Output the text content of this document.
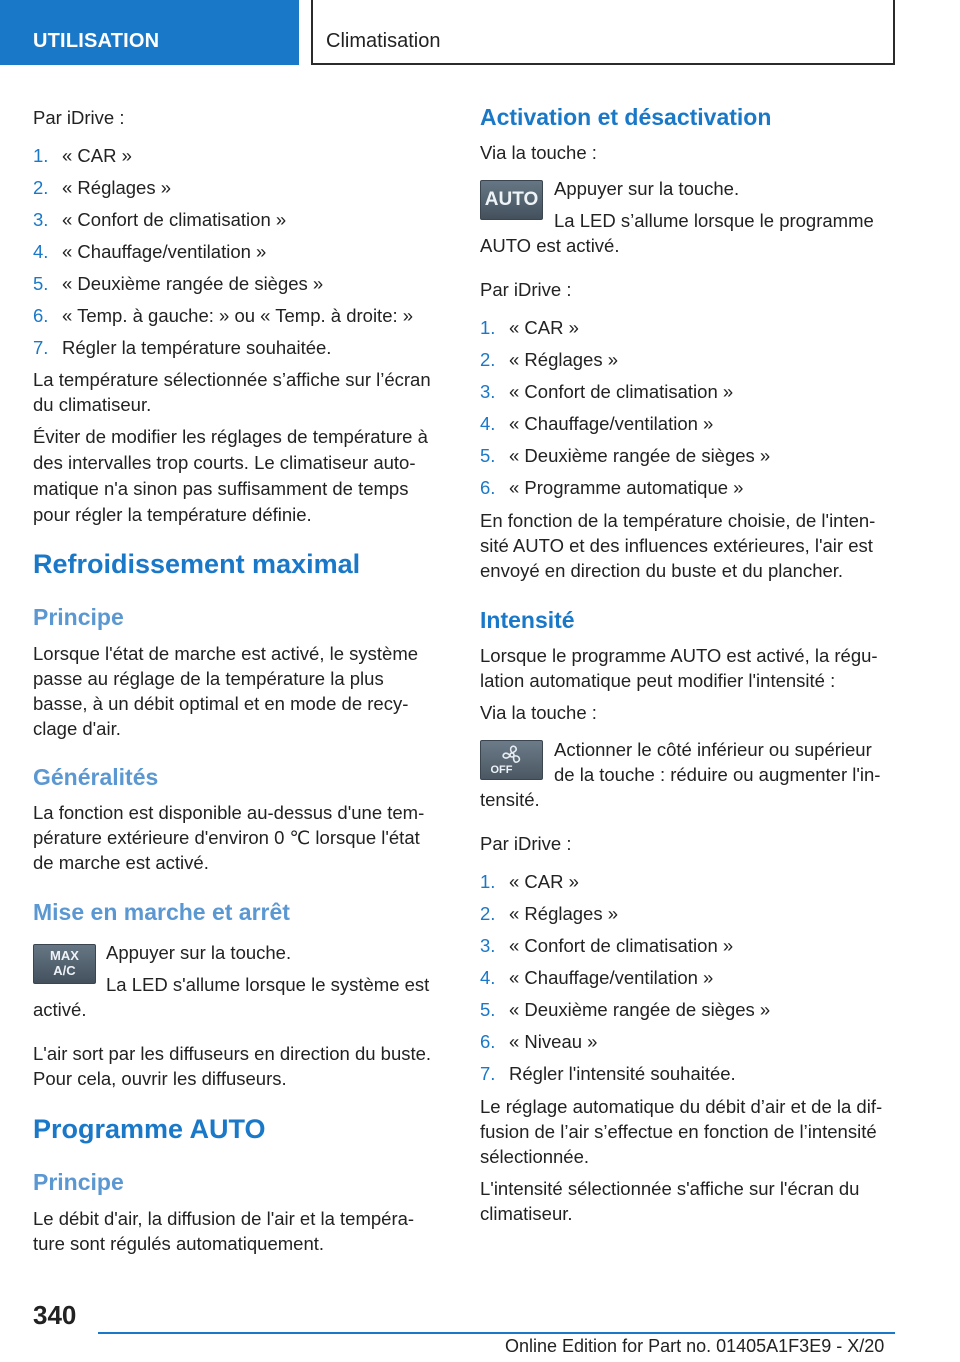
UTILISATION	Climatisation
Par iDrive :
1. « CAR »
2. « Réglages »
3. « Confort de climatisation »
4. « Chauffage/ventilation »
5. « Deuxième rangée de sièges »
6. « Temp. à gauche: » ou « Temp. à droite: »
7. Régler la température souhaitée.
La température sélectionnée s’affiche sur l’écran
du climatiseur.
Éviter de modifier les réglages de température à
des intervalles trop courts. Le climatiseur auto-
matique n'a sinon pas suffisamment de temps
pour régler la température définie.
Refroidissement maximal
Principe
Lorsque l'état de marche est activé, le système
passe au réglage de la température la plus
basse, à un débit optimal et en mode de recy-
clage d'air.
Généralités
La fonction est disponible au-dessus d'une tem-
pérature extérieure d'environ 0 ℃ lorsque l'état
de marche est activé.
Mise en marche et arrêt
MAX
A/C
Appuyer sur la touche.
La LED s'allume lorsque le système est
activé.
L'air sort par les diffuseurs en direction du buste.
Pour cela, ouvrir les diffuseurs.
Programme AUTO
Principe
Le débit d'air, la diffusion de l'air et la tempéra-
ture sont régulés automatiquement.
Activation et désactivation
Via la touche :
AUTO
Appuyer sur la touche.
La LED s’allume lorsque le programme
AUTO est activé.
Par iDrive :
1. « CAR »
2. « Réglages »
3. « Confort de climatisation »
4. « Chauffage/ventilation »
5. « Deuxième rangée de sièges »
6. « Programme automatique »
En fonction de la température choisie, de l'inten-
sité AUTO et des influences extérieures, l'air est
envoyé en direction du buste et du plancher.
Intensité
Lorsque le programme AUTO est activé, la régu-
lation automatique peut modifier l'intensité :
Via la touche :
OFF
Actionner le côté inférieur ou supérieur
de la touche : réduire ou augmenter l'in-
tensité.
Par iDrive :
1. « CAR »
2. « Réglages »
3. « Confort de climatisation »
4. « Chauffage/ventilation »
5. « Deuxième rangée de sièges »
6. « Niveau »
7. Régler l'intensité souhaitée.
Le réglage automatique du débit d’air et de la dif-
fusion de l’air s’effectue en fonction de l’intensité
sélectionnée.
L'intensité sélectionnée s'affiche sur l'écran du
climatiseur.
340
Online Edition for Part no. 01405A1F3E9 - X/20
